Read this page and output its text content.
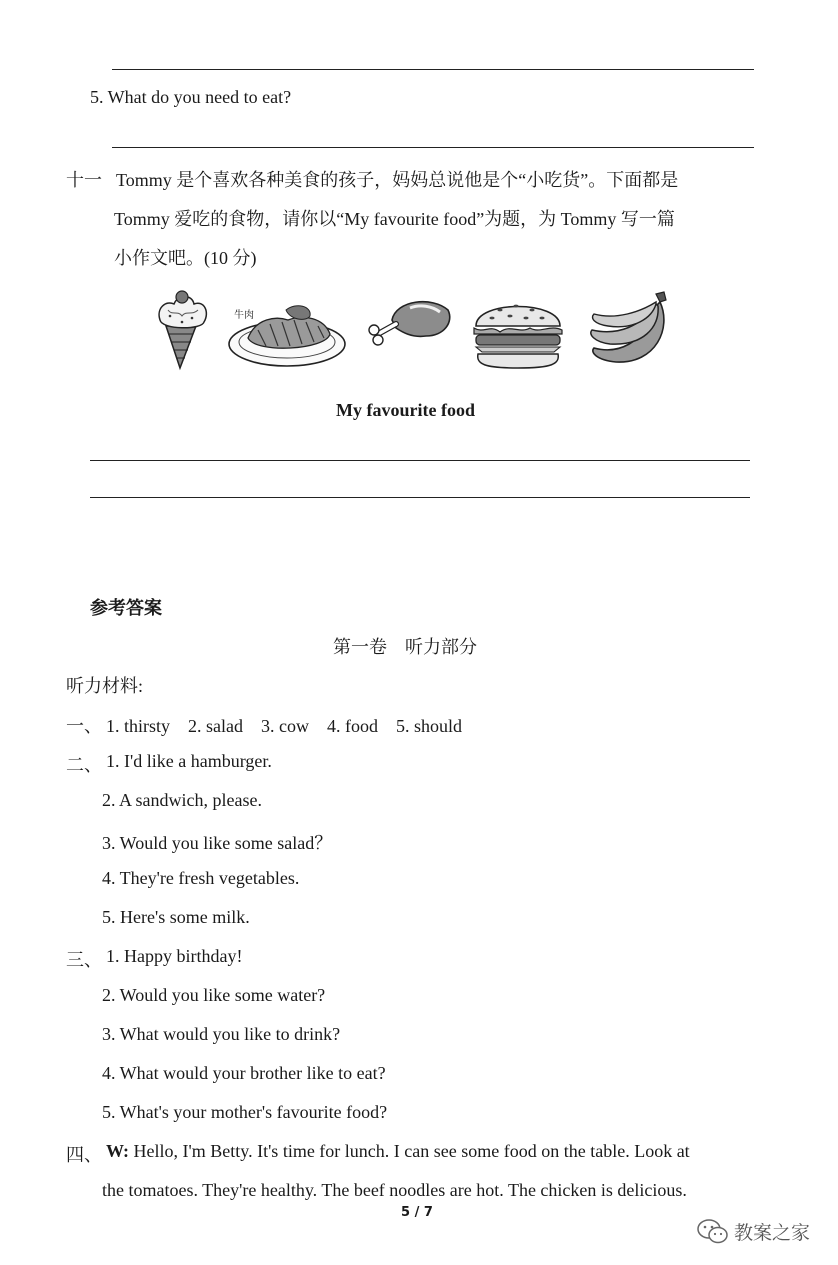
5. What do you need to eat?
十一 Tommy 是个喜欢各种美食的孩子，妈妈总说他是个“小吃货”。下面都是
Tommy 爱吃的食物，请你以“My favourite food”为题，为 Tommy 写一篇
小作文吧。(10 分)
牛肉
My favourite food
参考答案
第一卷　听力部分
听力材料:
一、 1. thirsty　2. salad　3. cow　4. food　5. should
二、 1. I'd like a hamburger.
2. A sandwich, please.
3. Would you like some salad？
4. They're fresh vegetables.
5. Here's some milk.
三、 1. Happy birthday!
2. Would you like some water?
3. What would you like to drink?
4. What would your brother like to eat?
5. What's your mother's favourite food?
四、 W: Hello, I'm Betty. It's time for lunch. I can see some food on the table. Look at
the tomatoes. They're healthy. The beef noodles are hot. The chicken is delicious.
5 / 7
教案之家
